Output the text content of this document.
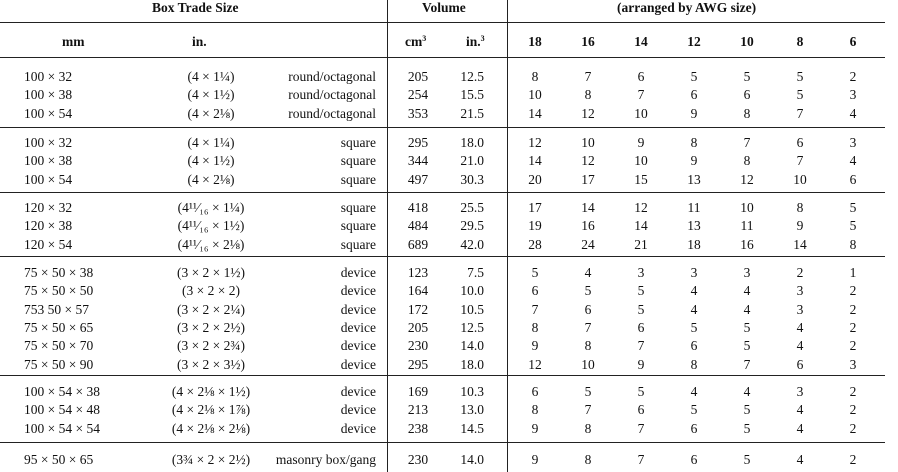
Box Trade Size	Volume	(arranged by AWG size)
mm	in.	$cm^3$	in.$^3$	18	16	14	12	10	8	6
100 × 32	(4 × 1¼)	round/octagonal	205	12.5	8	7	6	5	5	5	2
100 × 38	(4 × 1½)	round/octagonal	254	15.5	10	8	7	6	6	5	3
100 × 54	(4 × 2⅛)	round/octagonal	353	21.5	14	12	10	9	8	7	4
100 × 32	(4 × 1¼)	square	295	18.0	12	10	9	8	7	6	3
100 × 38	(4 × 1½)	square	344	21.0	14	12	10	9	8	7	4
100 × 54	(4 × 2⅛)	square	497	30.3	20	17	15	13	12	10	6
120 × 32	(4¹¹⁄₁₆ × 1¼)	square	418	25.5	17	14	12	11	10	8	5
120 × 38	(4¹¹⁄₁₆ × 1½)	square	484	29.5	19	16	14	13	11	9	5
120 × 54	(4¹¹⁄₁₆ × 2⅛)	square	689	42.0	28	24	21	18	16	14	8
75 × 50 × 38	(3 × 2 × 1½)	device	123	7.5	5	4	3	3	3	2	1
75 × 50 × 50	(3 × 2 × 2)	device	164	10.0	6	5	5	4	4	3	2
753 50 × 57	(3 × 2 × 2¼)	device	172	10.5	7	6	5	4	4	3	2
75 × 50 × 65	(3 × 2 × 2½)	device	205	12.5	8	7	6	5	5	4	2
75 × 50 × 70	(3 × 2 × 2¾)	device	230	14.0	9	8	7	6	5	4	2
75 × 50 × 90	(3 × 2 × 3½)	device	295	18.0	12	10	9	8	7	6	3
100 × 54 × 38	(4 × 2⅛ × 1½)	device	169	10.3	6	5	5	4	4	3	2
100 × 54 × 48	(4 × 2⅛ × 1⅞)	device	213	13.0	8	7	6	5	5	4	2
100 × 54 × 54	(4 × 2⅛ × 2⅛)	device	238	14.5	9	8	7	6	5	4	2
95 × 50 × 65	(3¾ × 2 × 2½)	masonry box/gang	230	14.0	9	8	7	6	5	4	2
